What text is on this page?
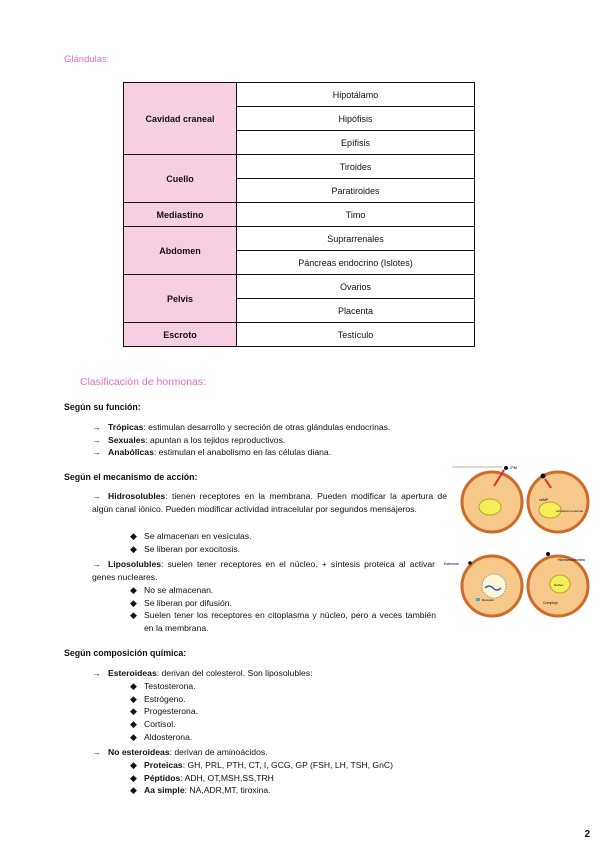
Glándulas:
Cavidad craneal	Hipotálamo
	Hipófisis
	Epífisis
Cuello	Tiroides
	Paratiroides
Mediastino	Timo
Abdomen	Suprarrenales
	Páncreas endocrino (Islotes)
Pelvis	Ovarios
	Placenta
Escroto	Testículo
Clasificación de hormonas:
Según su función:
→ Trópicas: estimulan desarrollo y secreción de otras glándulas endocrinas.
→ Sexuales: apuntan a los tejidos reproductivos.
→ Anabólicas: estimulan el anabolismo en las células diana.
Según el mecanismo de acción:
→ Hidrosolubles: tienen receptores en la membrana. Pueden modificar la apertura de algún canal iónico. Pueden modificar actividad intracelular por segundos mensajeros.
◆ Se almacenan en vesículas.
◆ Se liberan por exocitosis.
→ Liposolubles: suelen tener receptores en el núcleo. + síntesis proteica al activar genes nucleares.
◆ No se almacenan.
◆ Se liberan por difusión.
◆ Suelen tener los receptores en citoplasma y núcleo, pero a veces también en la membrana.
Según composición química:
→ Esteroideas: derivan del colesterol. Son liposolubles:
◆ Testosterona.
◆ Estrógeno.
◆ Progesterona.
◆ Cortisol.
◆ Aldosterona.
→ No esteroideas: derivan de aminoácidos.
◆ Proteicas: GH, PRL, PTH, CT, I, GCG, GP (FSH, LH, TSH, GnC)
◆ Péptidos: ADH, OT,MSH,SS,TRH
◆ Aa simple: NA,ADR,MT, tiroxina.
2ºM
cAMP
Activación proteínas
Esteroide
Receptor
Hormona tiroidea
Núcleo
Complejo
2
